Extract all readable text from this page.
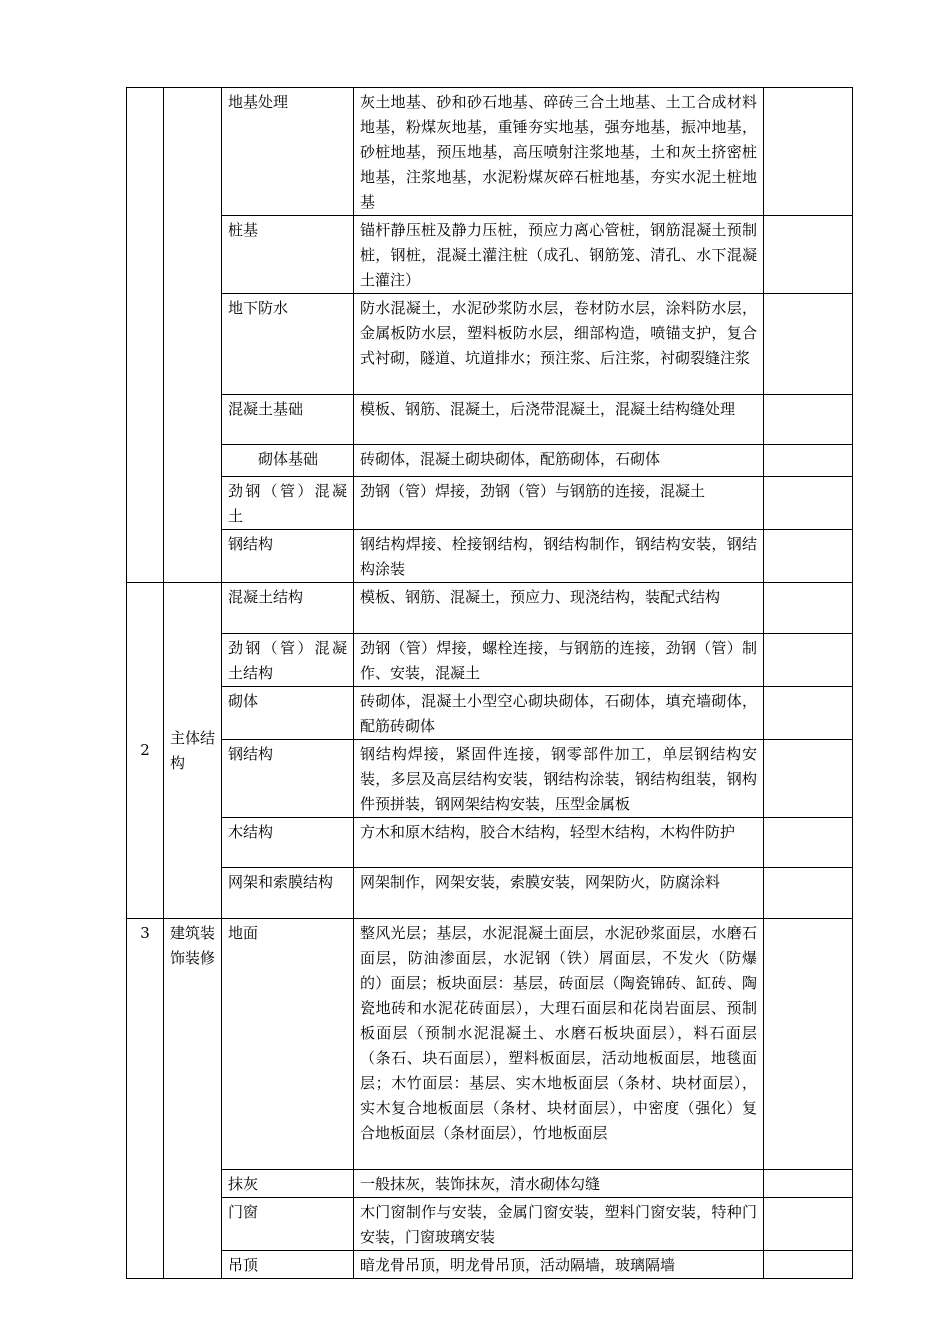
		地基处理	灰土地基、砂和砂石地基、碎砖三合土地基、土工合成材料地基，粉煤灰地基，重锤夯实地基，强夯地基，振冲地基，砂桩地基，预压地基，高压喷射注浆地基，土和灰土挤密桩地基，注浆地基，水泥粉煤灰碎石桩地基，夯实水泥土桩地基	
		桩基	锚杆静压桩及静力压桩，预应力离心管桩，钢筋混凝土预制桩，钢桩，混凝土灌注桩（成孔、钢筋笼、清孔、水下混凝土灌注）	
		地下防水	防水混凝土，水泥砂浆防水层，卷材防水层，涂料防水层，金属板防水层，塑料板防水层，细部构造，喷锚支护，复合式衬砌，隧道、坑道排水；预注浆、后注浆，衬砌裂缝注浆	
		混凝土基础	模板、钢筋、混凝土，后浇带混凝土，混凝土结构缝处理	
		砌体基础	砖砌体，混凝土砌块砌体，配筋砌体，石砌体	
		劲钢（管）混凝土	劲钢（管）焊接，劲钢（管）与钢筋的连接，混凝土	
		钢结构	钢结构焊接、栓接钢结构，钢结构制作，钢结构安装，钢结构涂装	
2	主体结构	混凝土结构	模板、钢筋、混凝土，预应力、现浇结构，装配式结构	
		劲钢（管）混凝土结构	劲钢（管）焊接，螺栓连接，与钢筋的连接，劲钢（管）制作、安装，混凝土	
		砌体	砖砌体，混凝土小型空心砌块砌体，石砌体，填充墙砌体，配筋砖砌体	
		钢结构	钢结构焊接，紧固件连接，钢零部件加工，单层钢结构安装，多层及高层结构安装，钢结构涂装，钢结构组装，钢构件预拼装，钢网架结构安装，压型金属板	
		木结构	方木和原木结构，胶合木结构，轻型木结构，木构件防护	
		网架和索膜结构	网架制作，网架安装，索膜安装，网架防火，防腐涂料	
3	建筑装饰装修	地面	整风光层；基层，水泥混凝土面层，水泥砂浆面层，水磨石面层，防油渗面层，水泥钢（铁）屑面层，不发火（防爆的）面层；板块面层：基层，砖面层（陶瓷锦砖、缸砖、陶瓷地砖和水泥花砖面层），大理石面层和花岗岩面层、预制板面层（预制水泥混凝土、水磨石板块面层），料石面层（条石、块石面层），塑料板面层，活动地板面层，地毯面层；木竹面层：基层、实木地板面层（条材、块材面层），实木复合地板面层（条材、块材面层），中密度（强化）复合地板面层（条材面层），竹地板面层	
		抹灰	一般抹灰，装饰抹灰，清水砌体勾缝	
		门窗	木门窗制作与安装，金属门窗安装，塑料门窗安装，特种门安装，门窗玻璃安装	
		吊顶	暗龙骨吊顶，明龙骨吊顶，活动隔墙，玻璃隔墙	
